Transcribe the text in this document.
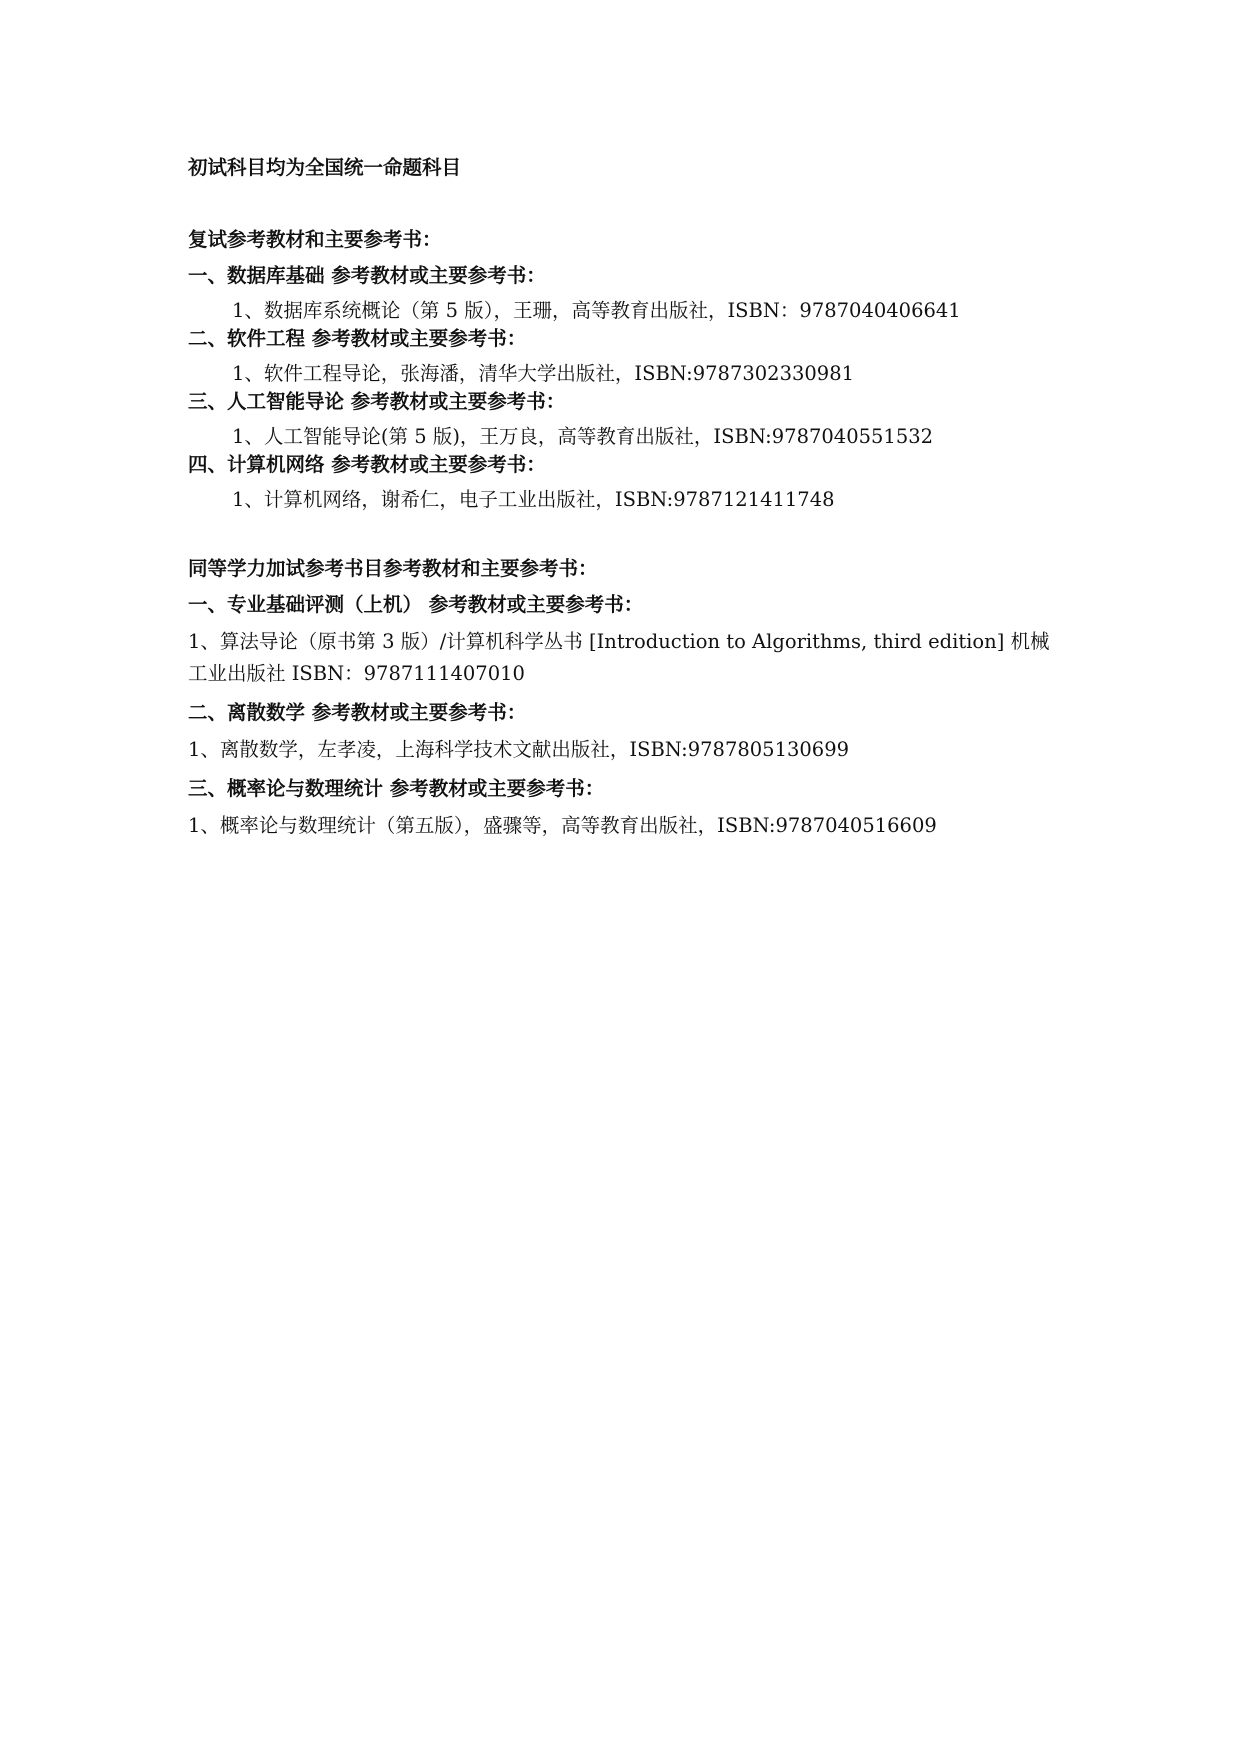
初试科目均为全国统一命题科目
复试参考教材和主要参考书：
一、数据库基础 参考教材或主要参考书：
1、数据库系统概论（第 5 版），王珊，高等教育出版社，ISBN：9787040406641
二、软件工程 参考教材或主要参考书：
1、软件工程导论，张海潘，清华大学出版社，ISBN:9787302330981
三、人工智能导论 参考教材或主要参考书：
1、人工智能导论(第 5 版)，王万良，高等教育出版社，ISBN:9787040551532
四、计算机网络 参考教材或主要参考书：
1、计算机网络，谢希仁，电子工业出版社，ISBN:9787121411748
同等学力加试参考书目参考教材和主要参考书：
一、专业基础评测（上机） 参考教材或主要参考书：
1、算法导论（原书第 3 版）/计算机科学丛书 [Introduction to Algorithms, third edition] 机械
工业出版社 ISBN：9787111407010
二、离散数学 参考教材或主要参考书：
1、离散数学，左孝凌，上海科学技术文献出版社，ISBN:9787805130699
三、概率论与数理统计 参考教材或主要参考书：
1、概率论与数理统计（第五版），盛骤等，高等教育出版社，ISBN:9787040516609
